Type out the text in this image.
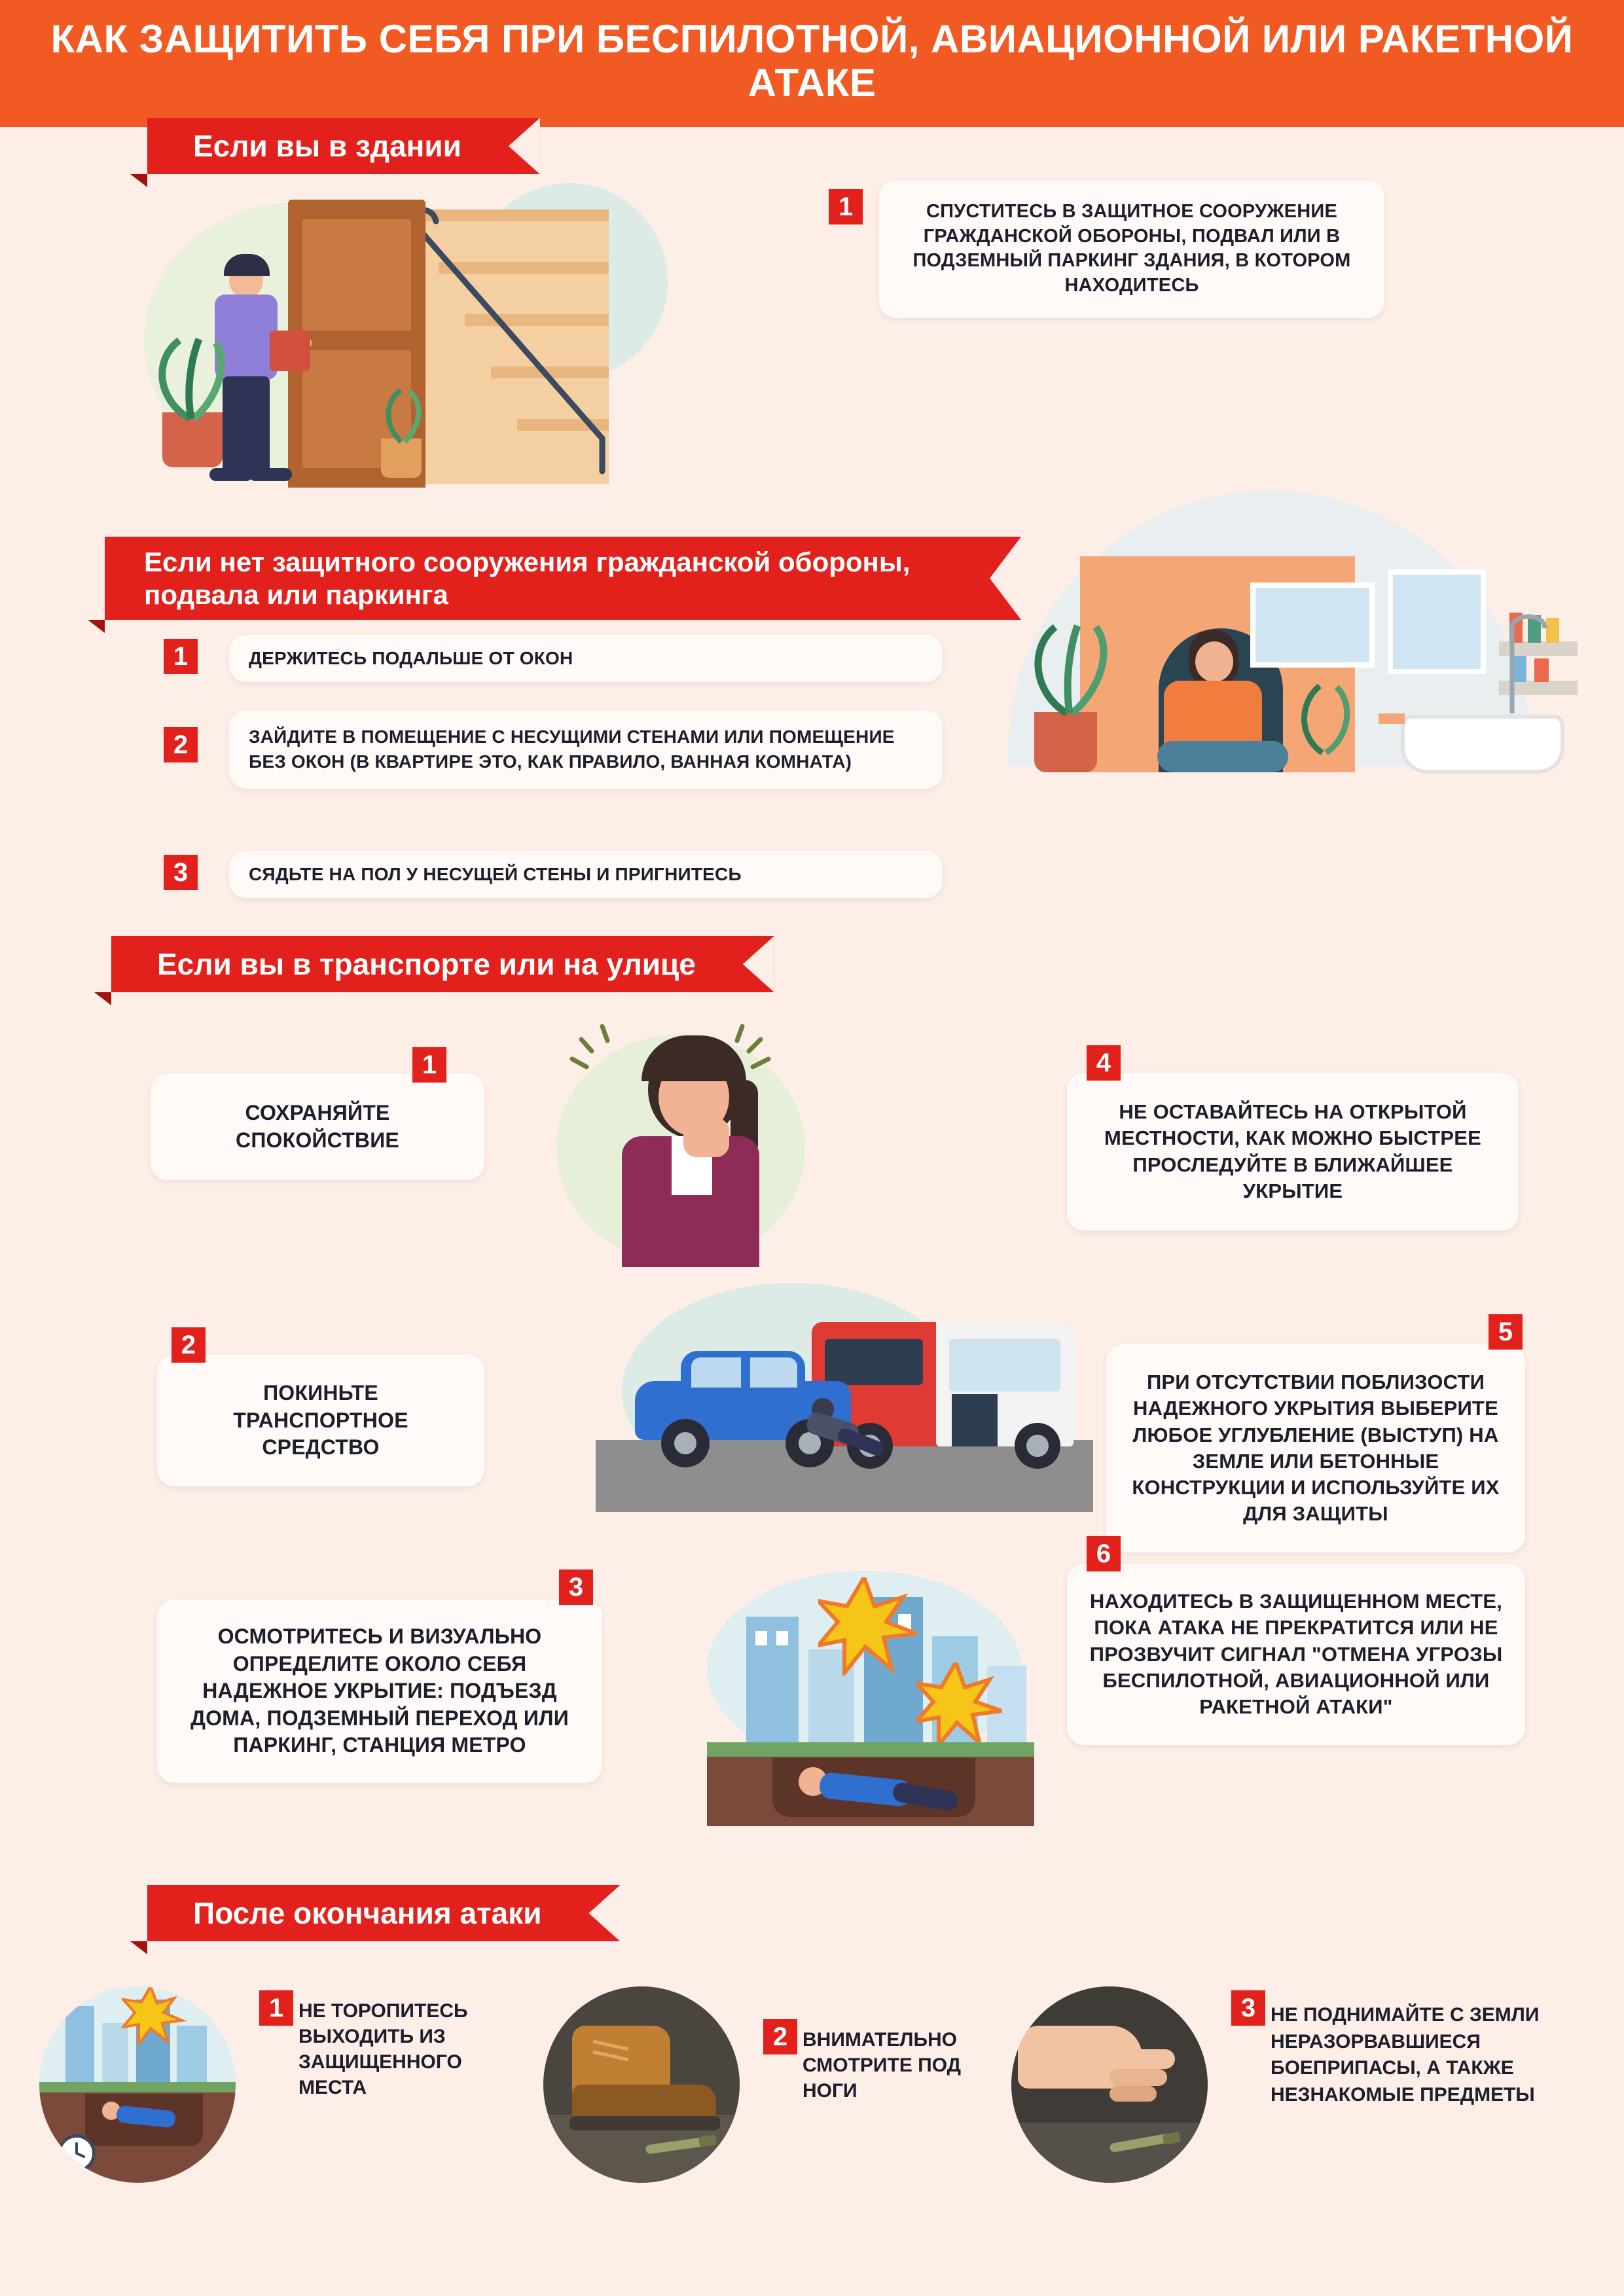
КАК ЗАЩИТИТЬ СЕБЯ ПРИ БЕСПИЛОТНОЙ, АВИАЦИОННОЙ ИЛИ РАКЕТНОЙ АТАКЕ
Если вы в здании
1	СПУСТИТЕСЬ В ЗАЩИТНОЕ СООРУЖЕНИЕ ГРАЖДАНСКОЙ ОБОРОНЫ, ПОДВАЛ ИЛИ В ПОДЗЕМНЫЙ ПАРКИНГ ЗДАНИЯ, В КОТОРОМ НАХОДИТЕСЬ
Если нет защитного сооружения гражданской обороны, подвала или паркинга
1	ДЕРЖИТЕСЬ ПОДАЛЬШЕ ОТ ОКОН
2	ЗАЙДИТЕ В ПОМЕЩЕНИЕ С НЕСУЩИМИ СТЕНАМИ ИЛИ ПОМЕЩЕНИЕ БЕЗ ОКОН (В КВАРТИРЕ ЭТО, КАК ПРАВИЛО, ВАННАЯ КОМНАТА)
3	СЯДЬТЕ НА ПОЛ У НЕСУЩЕЙ СТЕНЫ И ПРИГНИТЕСЬ
Если вы в транспорте или на улице
1
СОХРАНЯЙТЕ СПОКОЙСТВИЕ
4
НЕ ОСТАВАЙТЕСЬ НА ОТКРЫТОЙ МЕСТНОСТИ, КАК МОЖНО БЫСТРЕЕ ПРОСЛЕДУЙТЕ В БЛИЖАЙШЕЕ УКРЫТИЕ
2
ПОКИНЬТЕ ТРАНСПОРТНОЕ СРЕДСТВО
5
ПРИ ОТСУТСТВИИ ПОБЛИЗОСТИ НАДЕЖНОГО УКРЫТИЯ ВЫБЕРИТЕ ЛЮБОЕ УГЛУБЛЕНИЕ (ВЫСТУП) НА ЗЕМЛЕ ИЛИ БЕТОННЫЕ КОНСТРУКЦИИ И ИСПОЛЬЗУЙТЕ ИХ ДЛЯ ЗАЩИТЫ
3
ОСМОТРИТЕСЬ И ВИЗУАЛЬНО ОПРЕДЕЛИТЕ ОКОЛО СЕБЯ НАДЕЖНОЕ УКРЫТИЕ: ПОДЪЕЗД ДОМА, ПОДЗЕМНЫЙ ПЕРЕХОД ИЛИ ПАРКИНГ, СТАНЦИЯ МЕТРО
6
НАХОДИТЕСЬ В ЗАЩИЩЕННОМ МЕСТЕ, ПОКА АТАКА НЕ ПРЕКРАТИТСЯ ИЛИ НЕ ПРОЗВУЧИТ СИГНАЛ "ОТМЕНА УГРОЗЫ БЕСПИЛОТНОЙ, АВИАЦИОННОЙ ИЛИ РАКЕТНОЙ АТАКИ"
После окончания атаки
1 НЕ ТОРОПИТЕСЬ ВЫХОДИТЬ ИЗ ЗАЩИЩЕННОГО МЕСТА
2 ВНИМАТЕЛЬНО СМОТРИТЕ ПОД НОГИ
3 НЕ ПОДНИМАЙТЕ С ЗЕМЛИ НЕРАЗОРВАВШИЕСЯ БОЕПРИПАСЫ, А ТАКЖЕ НЕЗНАКОМЫЕ ПРЕДМЕТЫ
